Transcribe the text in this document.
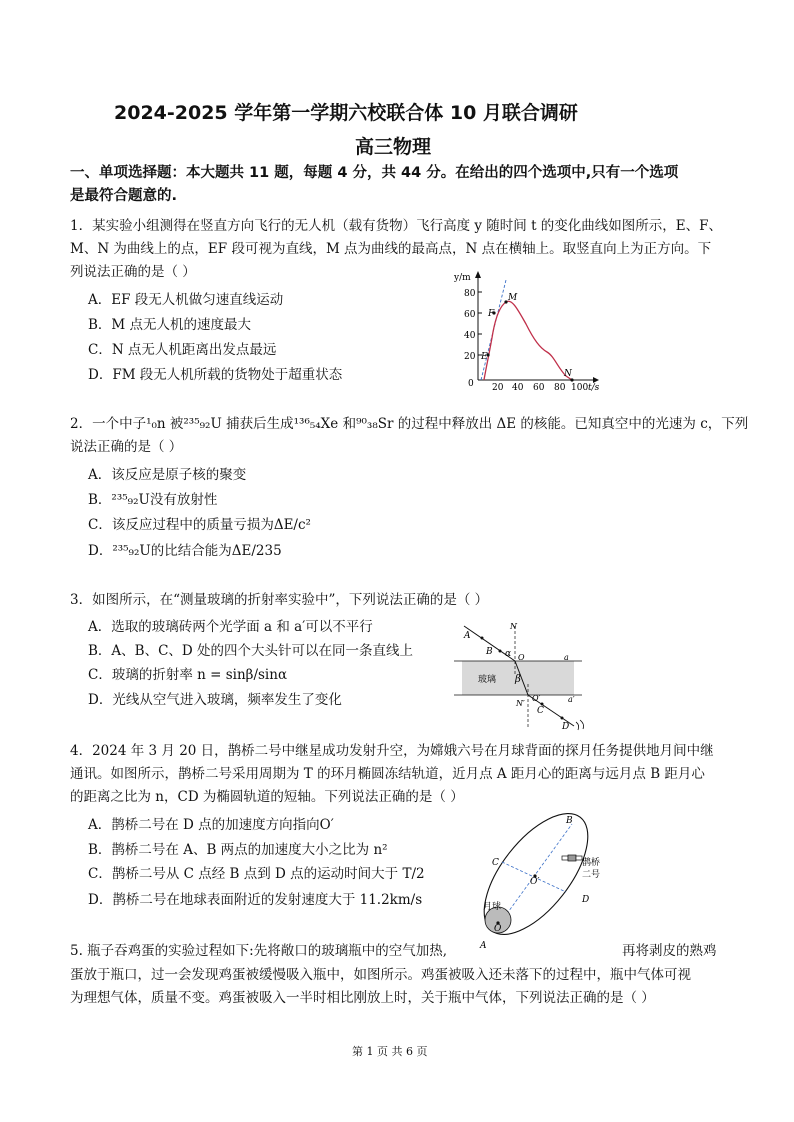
2024-2025 学年第一学期六校联合体 10 月联合调研
高三物理
一、单项选择题：本大题共 11 题，每题 4 分，共 44 分。在给出的四个选项中,只有一个选项
是最符合题意的.
1．某实验小组测得在竖直方向飞行的无人机（载有货物）飞行高度 y 随时间 t 的变化曲线如图所示，E、F、
M、N 为曲线上的点，EF 段可视为直线，M 点为曲线的最高点，N 点在横轴上。取竖直向上为正方向。下
列说法正确的是（ ）
A．EF 段无人机做匀速直线运动
B．M 点无人机的速度最大
C．N 点无人机距离出发点最远
D．FM 段无人机所载的货物处于超重状态
y/m
t/s
0
80
60
40
20
20 40 60 80 100
E
F
M
N
2．一个中子¹₀n 被²³⁵₉₂U 捕获后生成¹³⁶₅₄Xe 和⁹⁰₃₈Sr 的过程中释放出 ΔE 的核能。已知真空中的光速为 c，下列
说法正确的是（ ）
A．该反应是原子核的聚变
B．²³⁵₉₂U没有放射性
C．该反应过程中的质量亏损为ΔE/c²
D．²³⁵₉₂U的比结合能为ΔE/235
3．如图所示，在“测量玻璃的折射率实验中”，下列说法正确的是（ ）
A．选取的玻璃砖两个光学面 a 和 a′可以不平行
B．A、B、C、D 处的四个大头针可以在同一条直线上
C．玻璃的折射率 n = sinβ/sinα
D．光线从空气进入玻璃，频率发生了变化
A
B
C
D
N
N′
O
O′
α
β
a
a′
玻璃
4．2024 年 3 月 20 日，鹊桥二号中继星成功发射升空，为嫦娥六号在月球背面的探月任务提供地月间中继
通讯。如图所示，鹊桥二号采用周期为 T 的环月椭圆冻结轨道，近月点 A 距月心的距离与远月点 B 距月心
的距离之比为 n，CD 为椭圆轨道的短轴。下列说法正确的是（ ）
A．鹊桥二号在 D 点的加速度方向指向O′
B．鹊桥二号在 A、B 两点的加速度大小之比为 n²
C．鹊桥二号从 C 点经 B 点到 D 点的运动时间大于 T/2
D．鹊桥二号在地球表面附近的发射速度大于 11.2km/s
A
B
C
D
O
O′
月球
鹊桥
二号
5. 瓶子吞鸡蛋的实验过程如下:先将敞口的玻璃瓶中的空气加热,	再将剥皮的熟鸡
蛋放于瓶口，过一会发现鸡蛋被缓慢吸入瓶中，如图所示。鸡蛋被吸入还未落下的过程中，瓶中气体可视
为理想气体，质量不变。鸡蛋被吸入一半时相比刚放上时，关于瓶中气体，下列说法正确的是（ ）
第 1 页 共 6 页
